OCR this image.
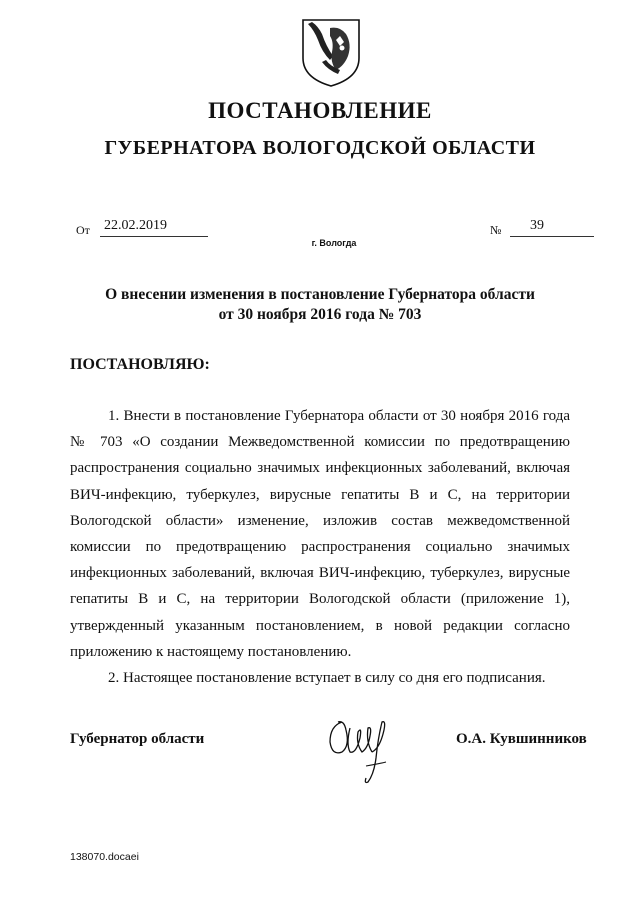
ПОСТАНОВЛЕНИЕ
ГУБЕРНАТОРА ВОЛОГОДСКОЙ ОБЛАСТИ
От 22.02.2019	№	39
г. Вологда
О внесении изменения в постановление Губернатора области
от 30 ноября 2016 года № 703
ПОСТАНОВЛЯЮ:

1. Внести в постановление Губернатора области от 30 ноября 2016 года № 703 «О создании Межведомственной комиссии по предотвращению распространения социально значимых инфекционных заболеваний, включая ВИЧ-инфекцию, туберкулез, вирусные гепатиты В и С, на территории Вологодской области» изменение, изложив состав межведомственной комиссии по предотвращению распространения социально значимых инфекционных заболеваний, включая ВИЧ-инфекцию, туберкулез, вирусные гепатиты В и С, на территории Вологодской области (приложение 1), утвержденный указанным постановлением, в новой редакции согласно приложению к настоящему постановлению.

2. Настоящее постановление вступает в силу со дня его подписания.

Губернатор области	О.А. Кувшинников
138070.docaei
